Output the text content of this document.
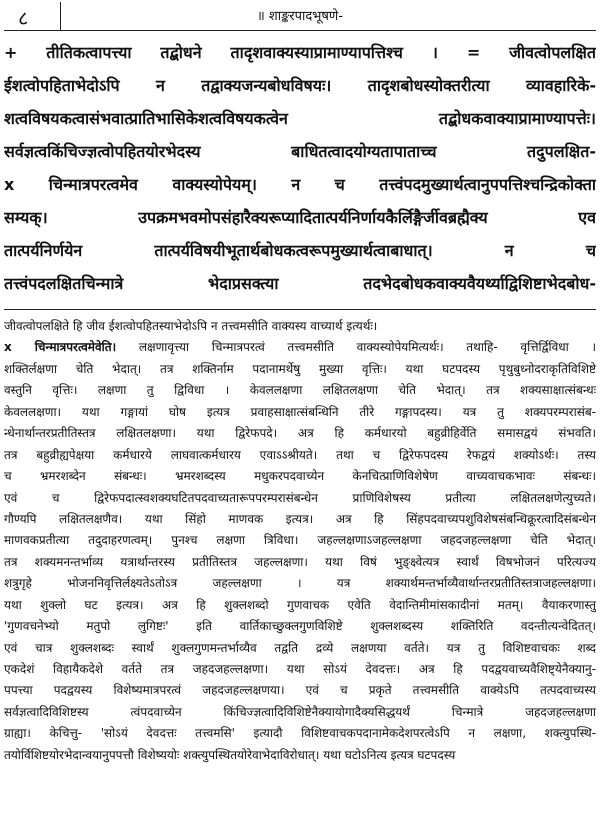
८	॥ शाङ्करपादभूषणे-
+ तीतिकत्वापत्त्या तद्बोधने तादृशवाक्यस्याप्रामाण्यापत्तिश्च । = जीवत्वोपलक्षित
ईशत्वोपहिताभेदोऽपि न तद्वाक्यजन्यबोधविषयः। तादृशबोधस्योक्तरीत्या व्यावहारिके-
शत्वविषयकत्वासंभवात्प्रातिभासिकेशत्वविषयकत्वेन तद्बोधकवाक्याप्रामाण्यापत्तेः।
सर्वज्ञत्वकिंचिज्ज्ञत्वोपहितयोरभेदस्य बाधितत्वादयोग्यतापाताच्च तदुपलक्षित-
x चिन्मात्रपरत्वमेव वाक्यस्योपेयम्। न च तत्त्वंपदमुख्यार्थत्वानुपपत्तिश्चन्द्रिकोक्ता
सम्यक्। उपक्रमभवमोपसंहारैक्यरूप्यादितात्पर्यनिर्णायकैर्लिङ्गैर्जीवब्रह्मैक्य एव
तात्पर्यनिर्णयेन तात्पर्यविषयीभूतार्थबोधकत्वरूपमुख्यार्थत्वाबाधात्। न च
तत्त्वंपदलक्षितचिन्मात्रे भेदाप्रसक्त्या तदभेदबोधकवाक्यवैयर्थ्याद्विशिष्टाभेदबोध-
जीवत्वोपलक्षिते हि जीव ईशत्वोपहितस्याभेदोऽपि न तत्त्वमसीति वाक्यस्य वाच्यार्थ इत्यर्थः।
x चिन्मात्रपरत्वमेवेति। लक्षणावृत्त्या चिन्मात्रपरत्वं तत्त्वमसीति वाक्यस्योपेयमित्यर्थः। तथाहि- वृत्तिर्द्विविधा ।
शक्तिर्लक्षणा चेति भेदात्। तत्र शक्तिर्नाम पदानामर्थेषु मुख्या वृत्तिः। यथा घटपदस्य पृथुबुध्नोदराकृतिविशिष्टे
वस्तुनि वृत्तिः। लक्षणा तु द्विविधा । केवललक्षणा लक्षितलक्षणा चेति भेदात्। तत्र शक्यसाक्षात्संबन्धः
केवललक्षणा। यथा गङ्गायां घोष इत्यत्र प्रवाहसाक्षात्संबन्धिनि तीरे गङ्गापदस्य। यत्र तु शक्यपरम्परासंब-
न्धेनार्थान्तरप्रतीतिस्तत्र लक्षितलक्षणा। यथा द्विरेफपदे। अत्र हि कर्मधारयो बहुव्रीहिर्वेति समासद्वयं संभवति।
तत्र बहुव्रीह्यपेक्षया कर्मधारये लाघवात्कर्मधारय एवाऽऽश्रीयते। तथा च द्विरेफपदस्य रेफद्वयं शक्योऽर्थः। तस्य
च भ्रमरशब्देन संबन्धः। भ्रमरशब्दस्य मधुकरपदवाच्येन केनचित्प्राणिविशेषेण वाच्यवाचकभावः संबन्धः।
एवं च द्विरेफपदात्स्वशक्यघटितपदवाच्यतारूपपरम्परासंबन्धेन प्राणिविशेषस्य प्रतीत्या लक्षितलक्षणेत्युच्यते।
गौण्यपि लक्षितलक्षणैव। यथा सिंहो माणवक इत्यत्र। अत्र हि सिंहपदवाच्यपशुविशेषसंबन्धिक्रूरत्वादिसंबन्धेन
माणवकप्रतीत्या तदुदाहरणत्वम्। पुनश्च लक्षणा त्रिविधा। जहल्लक्षणाऽजहल्लक्षणा जहदजहल्लक्षणा चेति भेदात्।
तत्र शक्यमनन्तर्भाव्य यत्रार्थान्तरस्य प्रतीतिस्तत्र जहल्लक्षणा। यथा विषं भुङ्क्ष्वेत्यत्र स्वार्थं विषभोजनं परित्यज्य
शत्रुगृहे भोजननिवृत्तिर्लक्ष्यतेऽतोऽत्र जहल्लक्षणा । यत्र शक्यार्थमन्तर्भाव्यैवार्थान्तरप्रतीतिस्तत्राजहल्लक्षणा।
यथा शुक्लो घट इत्यत्र। अत्र हि शुक्लशब्दो गुणवाचक एवेति वेदान्तिमीमांसकादीनां मतम्। वैयाकरणास्तु
'गुणवचनेभ्यो मतुपो लुगिष्टः' इति वार्तिकाच्छुक्लगुणविशिष्टे शुक्लशब्दस्य शक्तिरिति वदन्तीत्यन्वेदितत्।
एवं चात्र शुक्लशब्दः स्वार्थं शुक्लगुणमन्तर्भाव्यैव तद्वति द्रव्ये लक्षणया वर्तते। यत्र तु विशिष्टवाचकः शब्द
एकदेशं विहायैकदेशे वर्तते तत्र जहदजहल्लक्षणा। यथा सोऽयं देवदत्तः। अत्र हि पदद्वयवाच्यवैशिष्ट्येनैक्यानु-
पपत्त्या पदद्वयस्य विशेष्यमात्रपरत्वं जहदजहल्लक्षणया। एवं च प्रकृते तत्त्वमसीति वाक्येऽपि तत्पदवाच्यस्य
सर्वज्ञत्वादिविशिष्टस्य त्वंपदवाच्येन किंचिज्ज्ञत्वादिविशिष्टेनैक्यायोगादैक्यसिद्धयर्थं चिन्मात्रे जहदजहल्लक्षणा
ग्राह्या। केचित्तु- 'सोऽयं देवदत्तः तत्त्वमसि' इत्यादौ विशिष्टवाचकपदानामेकदेशपरत्वेऽपि न लक्षणा, शक्त्युपस्थि-
तयोर्विशिष्टयोरभेदान्वयानुपपत्तौ विशेष्ययोः शक्त्युपस्थितयोरेवाभेदाविरोधात्। यथा घटोऽनित्य इत्यत्र घटपदस्य
